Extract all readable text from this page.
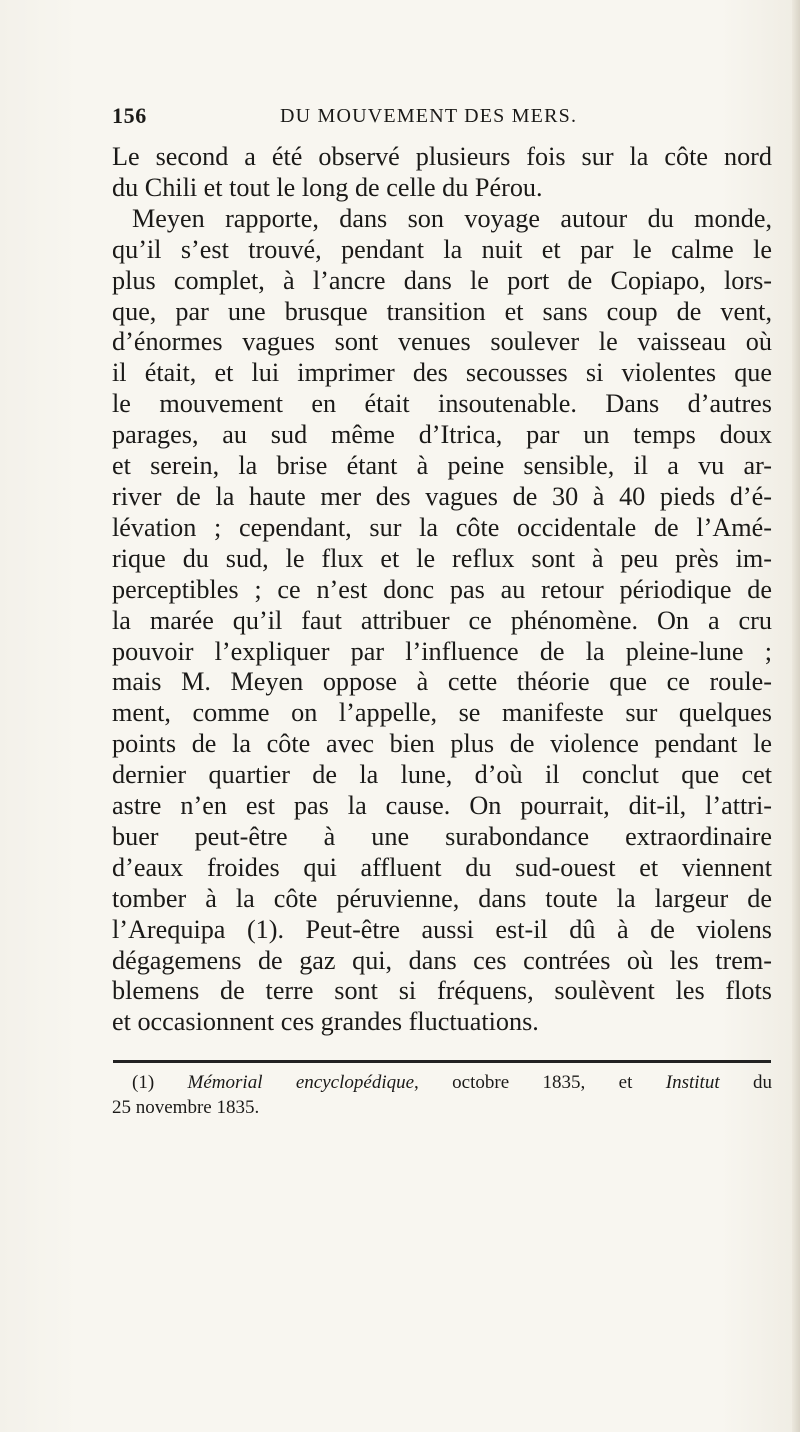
156	DU MOUVEMENT DES MERS.
Le second a été observé plusieurs fois sur la côte nord
du Chili et tout le long de celle du Pérou.
Meyen rapporte, dans son voyage autour du monde,
qu’il s’est trouvé, pendant la nuit et par le calme le
plus complet, à l’ancre dans le port de Copiapo, lors-
que, par une brusque transition et sans coup de vent,
d’énormes vagues sont venues soulever le vaisseau où
il était, et lui imprimer des secousses si violentes que
le mouvement en était insoutenable. Dans d’autres
parages, au sud même d’Itrica, par un temps doux
et serein, la brise étant à peine sensible, il a vu ar-
river de la haute mer des vagues de 30 à 40 pieds d’é-
lévation ; cependant, sur la côte occidentale de l’Amé-
rique du sud, le flux et le reflux sont à peu près im-
perceptibles ; ce n’est donc pas au retour périodique de
la marée qu’il faut attribuer ce phénomène. On a cru
pouvoir l’expliquer par l’influence de la pleine-lune ;
mais M. Meyen oppose à cette théorie que ce roule-
ment, comme on l’appelle, se manifeste sur quelques
points de la côte avec bien plus de violence pendant le
dernier quartier de la lune, d’où il conclut que cet
astre n’en est pas la cause. On pourrait, dit-il, l’attri-
buer peut-être à une surabondance extraordinaire
d’eaux froides qui affluent du sud-ouest et viennent
tomber à la côte péruvienne, dans toute la largeur de
l’Arequipa (1). Peut-être aussi est-il dû à de violens
dégagemens de gaz qui, dans ces contrées où les trem-
blemens de terre sont si fréquens, soulèvent les flots
et occasionnent ces grandes fluctuations.
(1) Mémorial encyclopédique, octobre 1835, et Institut du
25 novembre 1835.
